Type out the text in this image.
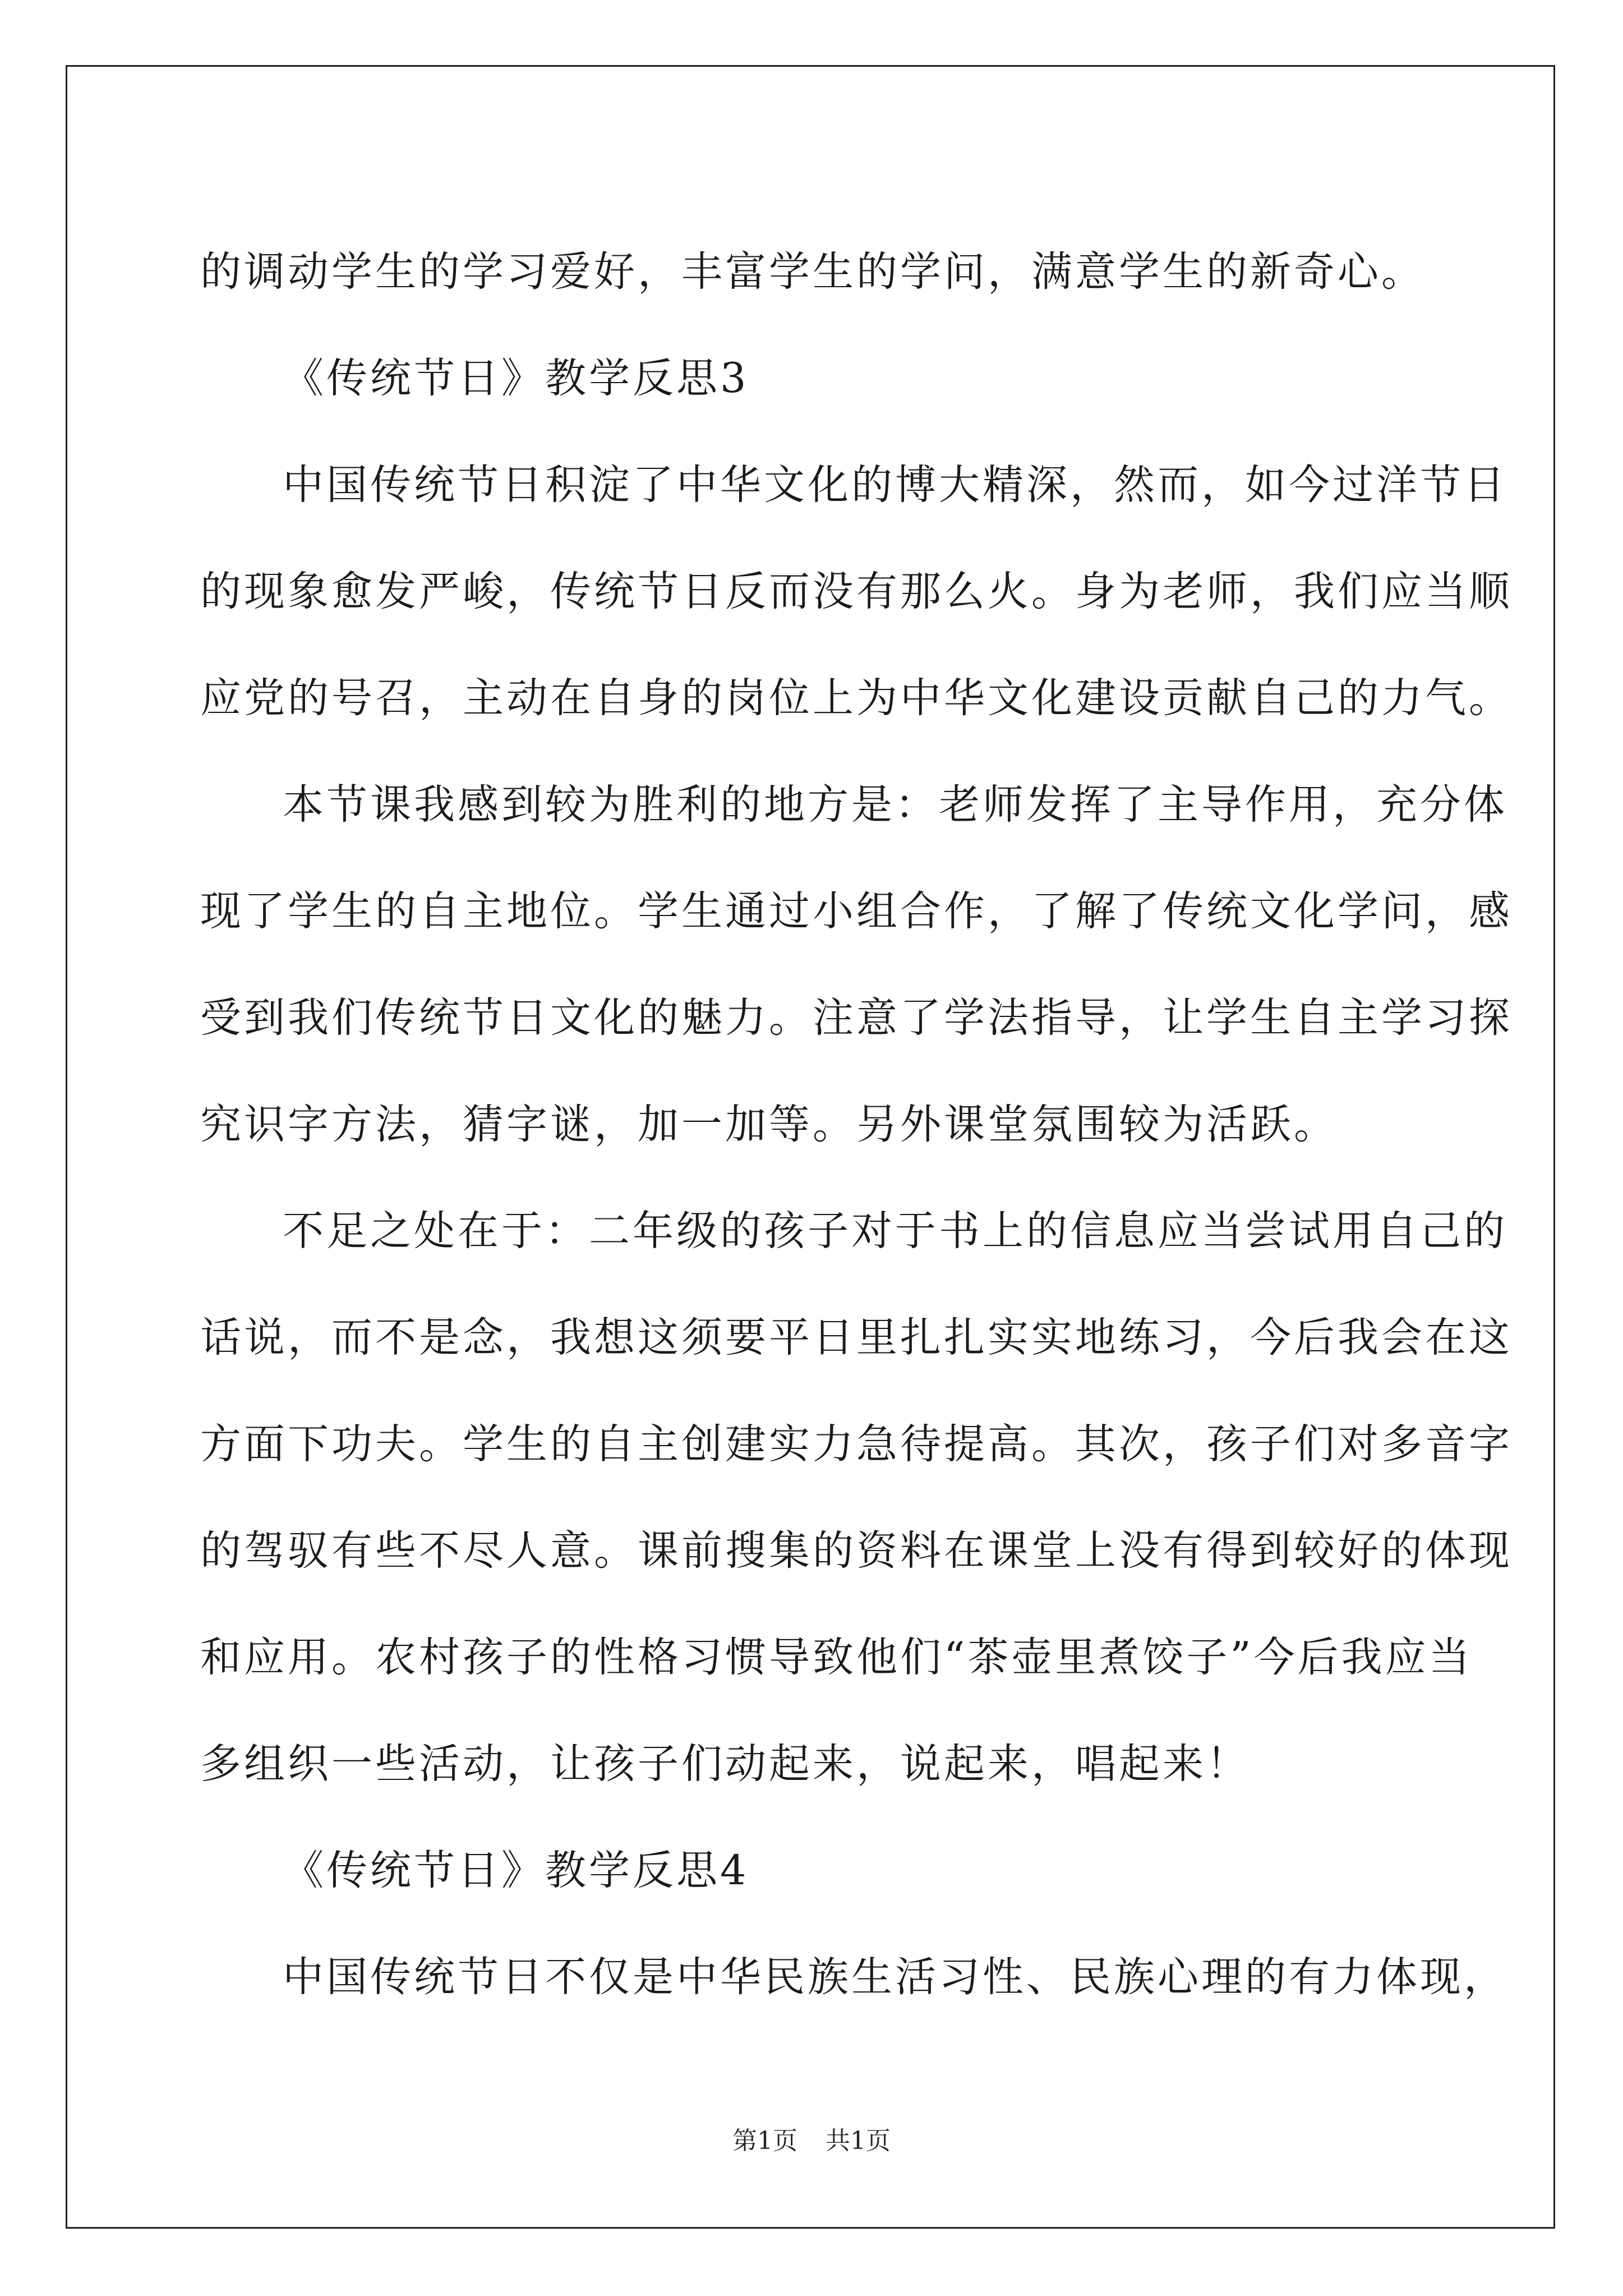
的调动学生的学习爱好，丰富学生的学问，满意学生的新奇心。
《传统节日》教学反思3
中国传统节日积淀了中华文化的博大精深，然而，如今过洋节日
的现象愈发严峻，传统节日反而没有那么火。身为老师，我们应当顺
应党的号召，主动在自身的岗位上为中华文化建设贡献自己的力气。
本节课我感到较为胜利的地方是：老师发挥了主导作用，充分体
现了学生的自主地位。学生通过小组合作，了解了传统文化学问，感
受到我们传统节日文化的魅力。注意了学法指导，让学生自主学习探
究识字方法，猜字谜，加一加等。另外课堂氛围较为活跃。
不足之处在于：二年级的孩子对于书上的信息应当尝试用自己的
话说，而不是念，我想这须要平日里扎扎实实地练习，今后我会在这
方面下功夫。学生的自主创建实力急待提高。其次，孩子们对多音字
的驾驭有些不尽人意。课前搜集的资料在课堂上没有得到较好的体现
和应用。农村孩子的性格习惯导致他们“茶壶里煮饺子”今后我应当
多组织一些活动，让孩子们动起来，说起来，唱起来！
《传统节日》教学反思4
中国传统节日不仅是中华民族生活习性、民族心理的有力体现，
第1页 共1页
